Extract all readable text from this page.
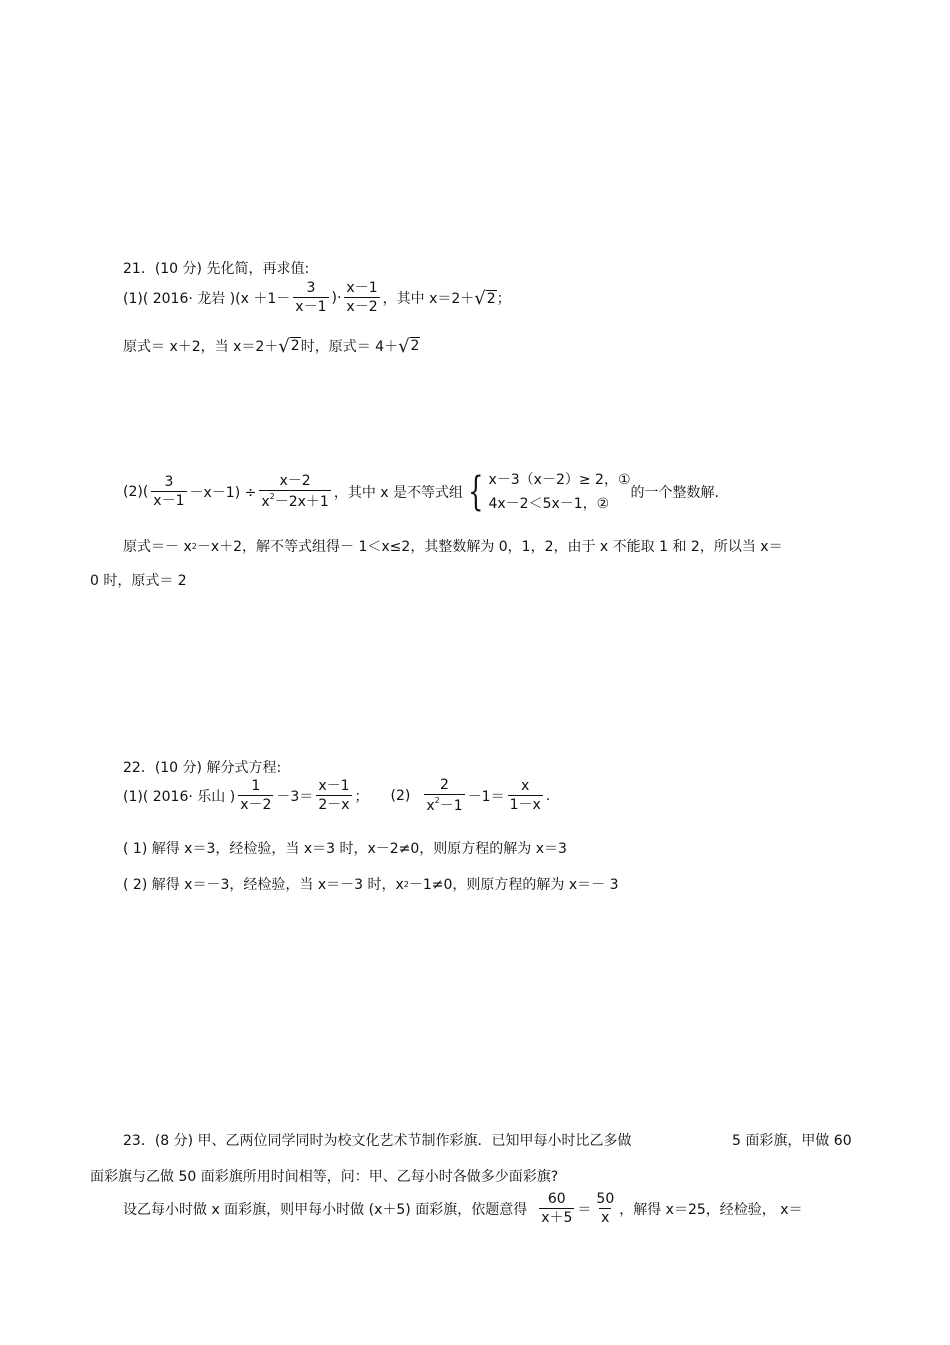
21．(10 分) 先化简，再求值:
(1)( 2016· 龙岩 )($x +1- \frac{3}{x-1}$ )· $\frac{x-1}{x-2}$ ，其中 x＝2＋ √ 2 ；
原式＝ x＋2，当 x＝2＋ √ 2 时，原式＝ 4＋ √ 2
$(2)( \frac{3}{x-1} -x-1) \div \frac{x-2}{x^2-2x+1}$ ，其中 x 是不等式组 { x－3（x－2）≥ 2，①
4x－2＜5x－1，②
的一个整数解.
原式＝－ x 2 －x＋2，解不等式组得－ 1＜x≤2，其整数解为 0，1，2，由于 x 不能取 1 和 2，所以当 x＝
0 时，原式＝ 2
22．(10 分) 解分式方程:
(1)( 2016· 乐山 ) $\frac{1}{x-2} -3= \frac{x-1}{2-x}$ ； $(2) \frac{2}{x^2-1} -1= \frac{x}{1-x}$ .
( 1) 解得 x＝3，经检验，当 x＝3 时，x－2≠0，则原方程的解为 x＝3
( 2) 解得 x＝－3，经检验，当 x＝－3 时，x 2 －1≠0，则原方程的解为 x＝－ 3
23．(8 分) 甲、乙两位同学同时为校文化艺术节制作彩旗．已知甲每小时比乙多做	5 面彩旗，甲做 60
面彩旗与乙做 50 面彩旗所用时间相等，问：甲、乙每小时各做多少面彩旗?
设乙每小时做 x 面彩旗，则甲每小时做 (x＋5) 面彩旗，依题意得 $\frac{60}{x+5} = \frac{50}{x}$ ，解得 x＝25，经检验， x＝
